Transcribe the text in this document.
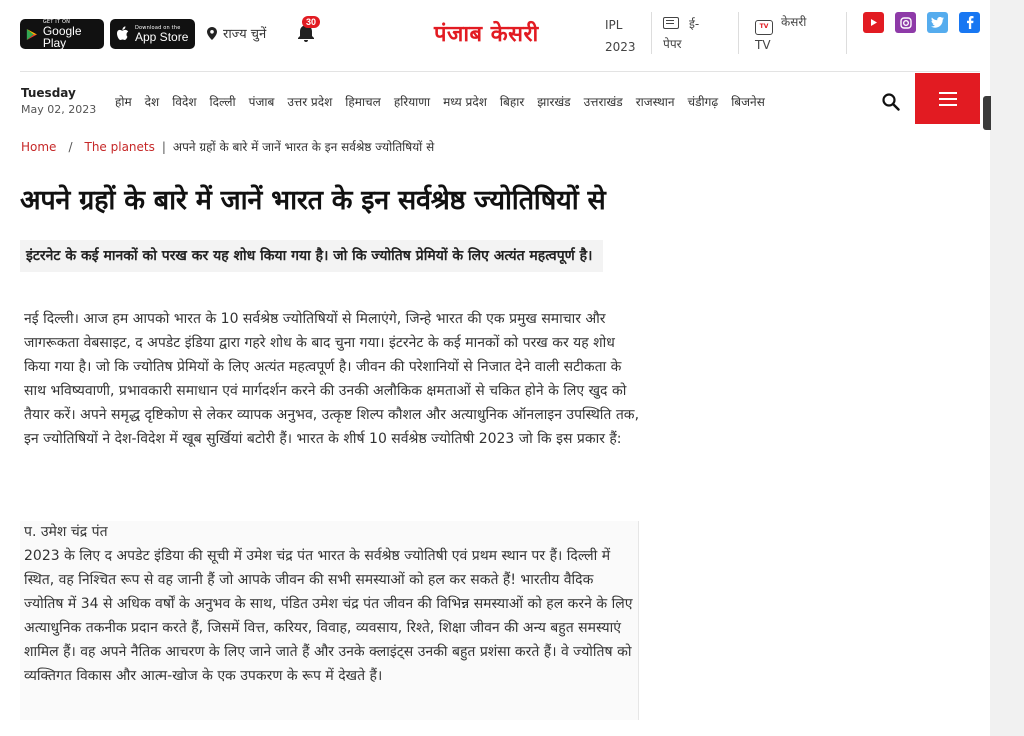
GET IT ON
Google Play
Download on the
App Store	राज्य चुनें
30	पंजाब केसरी	IPL
2023
ई-
पेपर
TV केसरी
TV
Tuesday
May 02, 2023
होम देश विदेश दिल्ली पंजाब उत्तर प्रदेश हिमाचल हरियाणा मध्य प्रदेश बिहार झारखंड उत्तराखंड राजस्थान चंडीगढ़ बिजनेस
Home / The planets | अपने ग्रहों के बारे में जानें भारत के इन सर्वश्रेष्ठ ज्योतिषियों से
अपने ग्रहों के बारे में जानें भारत के इन सर्वश्रेष्ठ ज्योतिषियों से
इंटरनेट के कई मानकों को परख कर यह शोध किया गया है। जो कि ज्योतिष प्रेमियों के लिए अत्यंत महत्वपूर्ण है।
नई दिल्ली। आज हम आपको भारत के 10 सर्वश्रेष्ठ ज्योतिषियों से मिलाएंगे, जिन्हे भारत की एक प्रमुख समाचार और जागरूकता वेबसाइट, द अपडेट इंडिया द्वारा गहरे शोध के बाद चुना गया। इंटरनेट के कई मानकों को परख कर यह शोध किया गया है। जो कि ज्योतिष प्रेमियों के लिए अत्यंत महत्वपूर्ण है। जीवन की परेशानियों से निजात देने वाली सटीकता के साथ भविष्यवाणी, प्रभावकारी समाधान एवं मार्गदर्शन करने की उनकी अलौकिक क्षमताओं से चकित होने के लिए खुद को तैयार करें। अपने समृद्ध दृष्टिकोण से लेकर व्यापक अनुभव, उत्कृष्ट शिल्प कौशल और अत्याधुनिक ऑनलाइन उपस्थिति तक, इन ज्योतिषियों ने देश-विदेश में खूब सुर्खियां बटोरी हैं। भारत के शीर्ष 10 सर्वश्रेष्ठ ज्योतिषी 2023 जो कि इस प्रकार हैं:
प. उमेश चंद्र पंत
2023 के लिए द अपडेट इंडिया की सूची में उमेश चंद्र पंत भारत के सर्वश्रेष्ठ ज्योतिषी एवं प्रथम स्थान पर हैं। दिल्ली में स्थित, वह निश्चित रूप से वह जानी हैं जो आपके जीवन की सभी समस्याओं को हल कर सकते हैं! भारतीय वैदिक ज्योतिष में 34 से अधिक वर्षों के अनुभव के साथ, पंडित उमेश चंद्र पंत जीवन की विभिन्न समस्याओं को हल करने के लिए अत्याधुनिक तकनीक प्रदान करते हैं, जिसमें वित्त, करियर, विवाह, व्यवसाय, रिश्ते, शिक्षा जीवन की अन्य बहुत समस्याएं शामिल हैं। वह अपने नैतिक आचरण के लिए जाने जाते हैं और उनके क्लाइंट्स उनकी बहुत प्रशंसा करते हैं। वे ज्योतिष को व्यक्तिगत विकास और आत्म-खोज के एक उपकरण के रूप में देखते हैं।
